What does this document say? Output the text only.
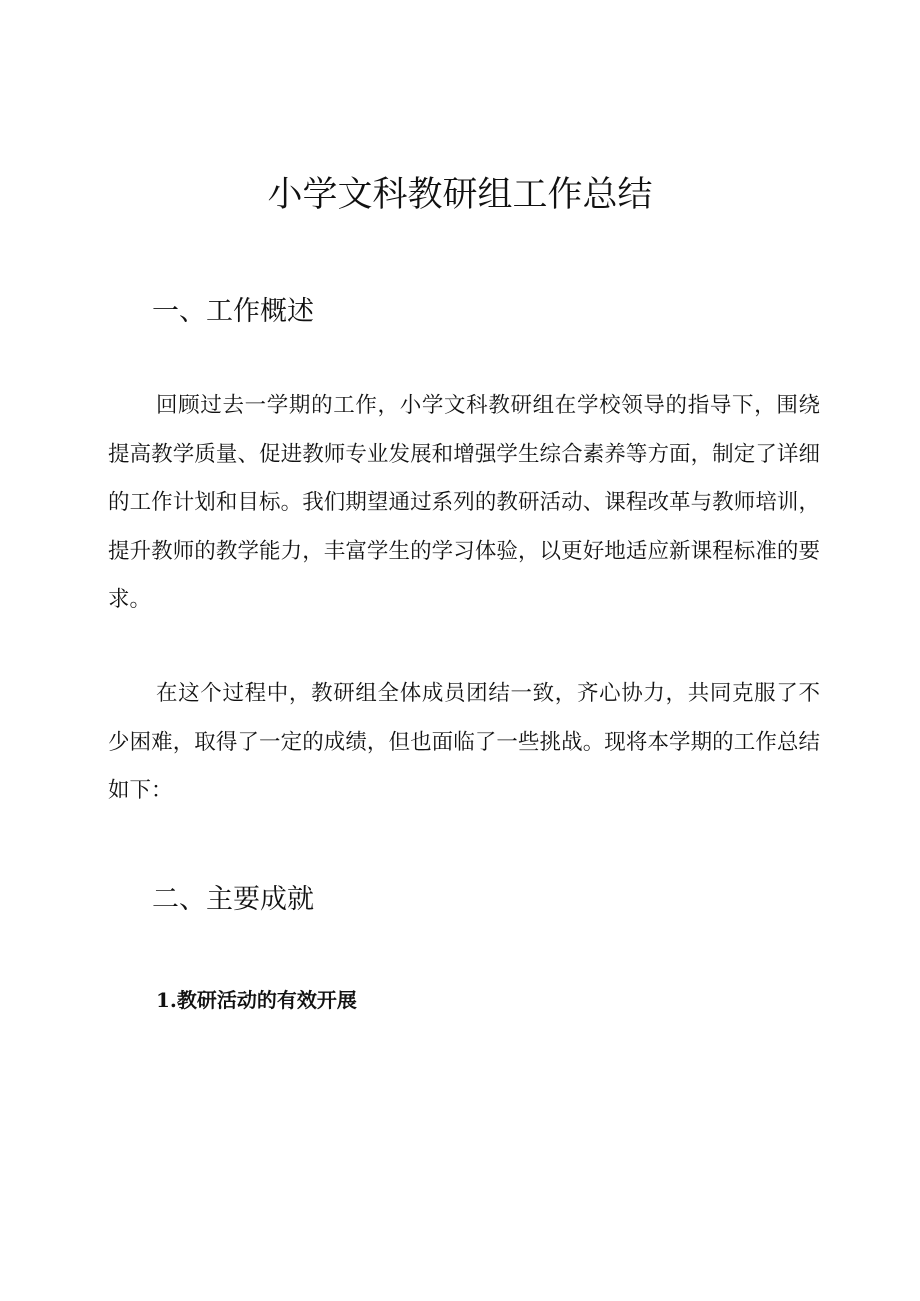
小学文科教研组工作总结
一、工作概述

回顾过去一学期的工作，小学文科教研组在学校领导的指导下，围绕提高教学质量、促进教师专业发展和增强学生综合素养等方面，制定了详细的工作计划和目标。我们期望通过系列的教研活动、课程改革与教师培训，提升教师的教学能力，丰富学生的学习体验，以更好地适应新课程标准的要求。

在这个过程中，教研组全体成员团结一致，齐心协力，共同克服了不少困难，取得了一定的成绩，但也面临了一些挑战。现将本学期的工作总结如下：

二、主要成就
1.教研活动的有效开展
